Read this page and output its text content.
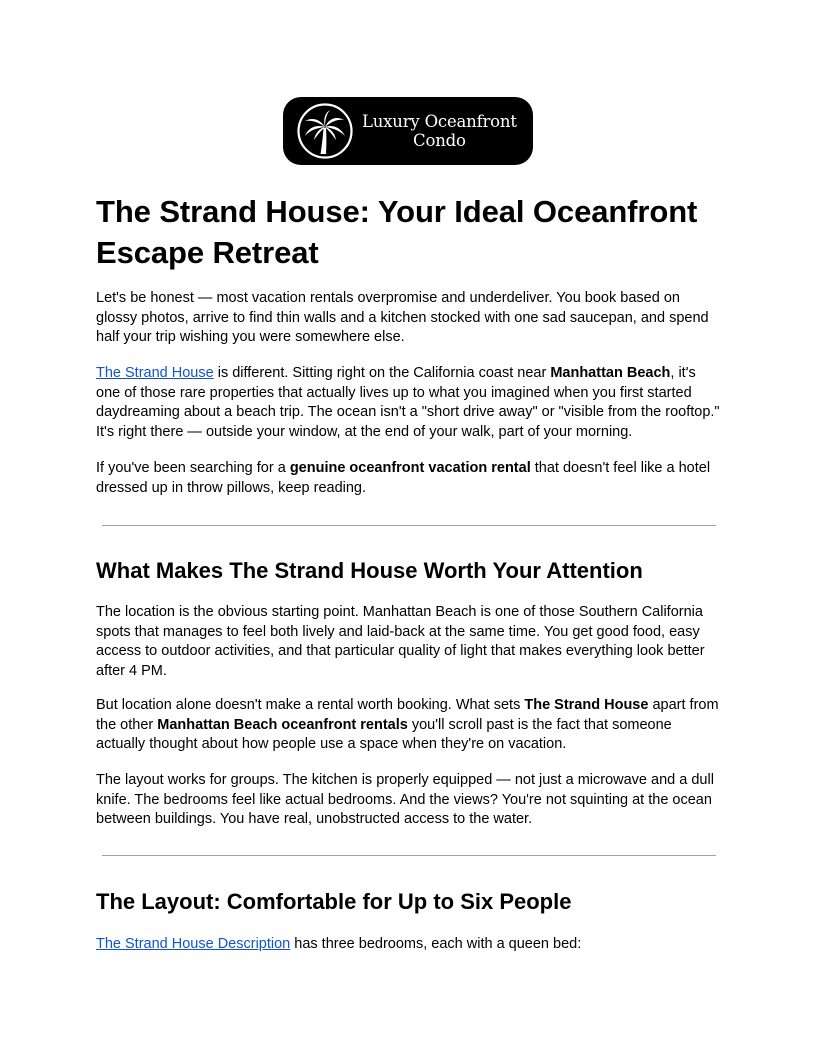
Luxury Oceanfront
Condo
The Strand House: Your Ideal Oceanfront Escape Retreat

Let's be honest — most vacation rentals overpromise and underdeliver. You book based on glossy photos, arrive to find thin walls and a kitchen stocked with one sad saucepan, and spend half your trip wishing you were somewhere else.

The Strand House is different. Sitting right on the California coast near Manhattan Beach, it's one of those rare properties that actually lives up to what you imagined when you first started daydreaming about a beach trip. The ocean isn't a "short drive away" or "visible from the rooftop." It's right there — outside your window, at the end of your walk, part of your morning.

If you've been searching for a genuine oceanfront vacation rental that doesn't feel like a hotel dressed up in throw pillows, keep reading.

What Makes The Strand House Worth Your Attention

The location is the obvious starting point. Manhattan Beach is one of those Southern California spots that manages to feel both lively and laid-back at the same time. You get good food, easy access to outdoor activities, and that particular quality of light that makes everything look better after 4 PM.

But location alone doesn't make a rental worth booking. What sets The Strand House apart from the other Manhattan Beach oceanfront rentals you'll scroll past is the fact that someone actually thought about how people use a space when they're on vacation.

The layout works for groups. The kitchen is properly equipped — not just a microwave and a dull knife. The bedrooms feel like actual bedrooms. And the views? You're not squinting at the ocean between buildings. You have real, unobstructed access to the water.

The Layout: Comfortable for Up to Six People

The Strand House Description has three bedrooms, each with a queen bed:
